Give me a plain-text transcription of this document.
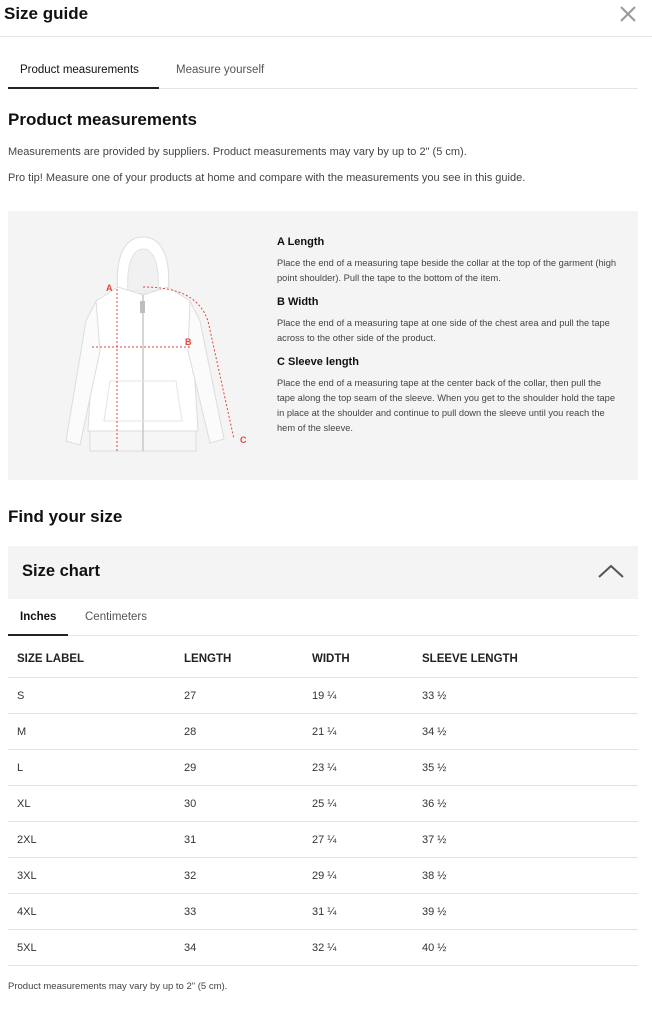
Size guide
Product measurements	Measure yourself
Product measurements
Measurements are provided by suppliers. Product measurements may vary by up to 2" (5 cm).
Pro tip! Measure one of your products at home and compare with the measurements you see in this guide.
A
B
C
A Length
Place the end of a measuring tape beside the collar at the top of the garment (high point shoulder). Pull the tape to the bottom of the item.
B Width
Place the end of a measuring tape at one side of the chest area and pull the tape across to the other side of the product.
C Sleeve length
Place the end of a measuring tape at the center back of the collar, then pull the tape along the top seam of the sleeve. When you get to the shoulder hold the tape in place at the shoulder and continue to pull down the sleeve until you reach the hem of the sleeve.
Find your size
Size chart
Inches	Centimeters
SIZE LABEL	LENGTH	WIDTH	SLEEVE LENGTH
S	27	19 ¼	33 ½
M	28	21 ¼	34 ½
L	29	23 ¼	35 ½
XL	30	25 ¼	36 ½
2XL	31	27 ¼	37 ½
3XL	32	29 ¼	38 ½
4XL	33	31 ¼	39 ½
5XL	34	32 ¼	40 ½
Product measurements may vary by up to 2" (5 cm).
